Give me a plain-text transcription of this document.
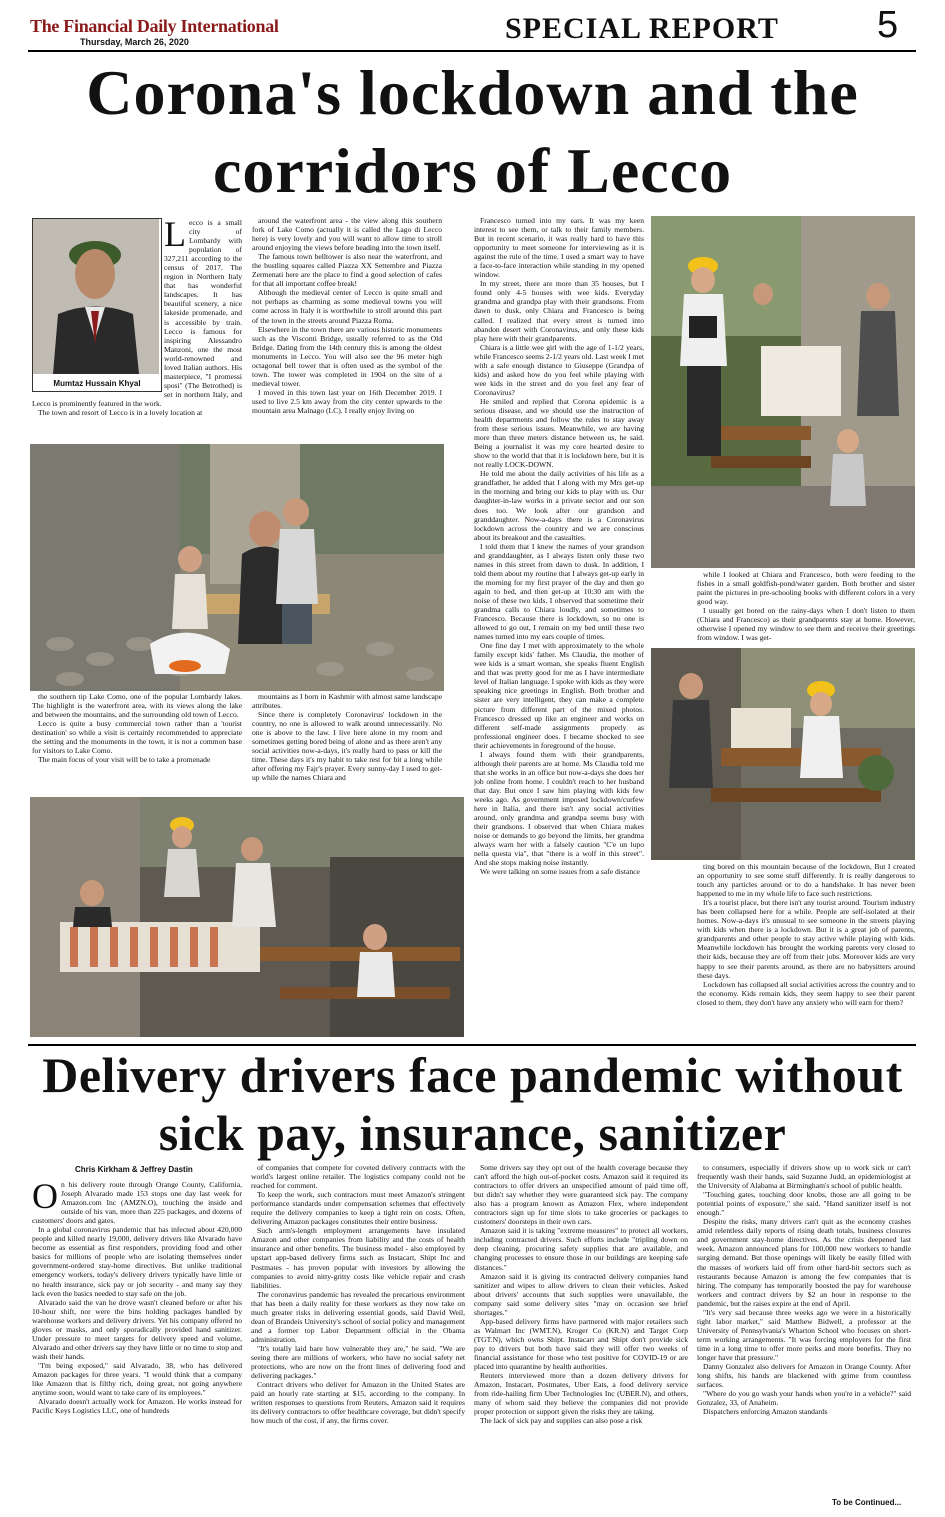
The Financial Daily International
Thursday, March 26, 2020	SPECIAL REPORT	5
Corona's lockdown and the
corridors of Lecco
Mumtaz Hussain Khyal
L ecco is a small city of Lombardy with population of 327,211 according to the census of 2017. The region in Northern Italy that has wonderful landscapes. It has beautiful scenery, a nice lakeside promenade, and is accessible by train. Lecco is famous for inspiring Alessandro Manzoni, one the most world-renowned and loved Italian authors. His masterpiece, "I promessi sposi" (The Betrothed) is set in northern Italy, and Lecco is prominently featured in the work.

The town and resort of Lecco is in a lovely location at

around the waterfront area - the view along this southern fork of Lake Como (actually it is called the Lago di Lecco here) is very lovely and you will want to allow time to stroll around enjoying the views before heading into the town itself.

The famous town belltower is also near the waterfront, and the bustling squares called Piazza XX Settembre and Piazza Zermenati here are the place to find a good selection of cafes for that all important coffee break!

Although the medieval center of Lecco is quite small and not perhaps as charming as some medieval towns you will come across in Italy it is worthwhile to stroll around this part of the town in the streets around Piazza Roma.

Elsewhere in the town there are various historic monuments such as the Visconti Bridge, usually referred to as the Old Bridge. Dating from the 14th century this is among the oldest monuments in Lecco. You will also see the 96 meter high octagonal bell tower that is often used as the symbol of the town. The tower was completed in 1904 on the site of a medieval tower.

I moved in this town last year on 16th December 2019. I used to live 2.5 km away from the city center upwards to the mountain area Malnago (LC). I really enjoy living on

the southern tip Lake Como, one of the popular Lombardy lakes. The highlight is the waterfront area, with its views along the lake and between the mountains, and the surrounding old town of Lecco.

Lecco is quite a busy commercial town rather than a 'tourist destination' so while a visit is certainly recommended to appreciate the setting and the monuments in the town, it is not a common base for visitors to Lake Como.

The main focus of your visit will be to take a promenade

mountains as I born in Kashmir with almost same landscape attributes.

Since there is completely Coronavirus' lockdown in the country, no one is allowed to walk around unnecessarily. No one is above to the law. I live here alone in my room and sometimes getting bored being of alone and as there aren't any social activities now-a-days, it's really hard to pass or kill the time. These days it's my habit to take rest for bit a long while after offering my Fajr's prayer. Every sunny-day I used to get-up while the names Chiara and

Francesco turned into my ears. It was my keen interest to see them, or talk to their family members. But in recent scenario, it was really hard to have this opportunity to meet someone for interviewing as it is against the rule of the time. I used a smart way to have a face-to-face interaction while standing in my opened window.

In my street, there are more than 35 houses, but I found only 4-5 houses with wee kids. Everyday grandma and grandpa play with their grandsons. From dawn to dusk, only Chiara and Francesco is being called. I realized that every street is turned into abandon desert with Coronavirus, and only these kids play here with their grandparents.

Chiara is a little wee girl with the age of 1-1/2 years, while Francesco seems 2-1/2 years old. Last week I met with a safe enough distance to Giuseppe (Grandpa of kids) and asked how do you feel while playing with wee kids in the street and do you feel any fear of Coronavirus?

He smiled and replied that Corona epidemic is a serious disease, and we should use the instruction of health departments and follow the rules to stay away from these serious issues. Meanwhile, we are having more than three meters distance between us, he said. Being a journalist it was my core hearted desire to show to the world that that it is lockdown here, but it is not really LOCK-DOWN.

He told me about the daily activities of his life as a grandfather, he added that I along with my Mrs get-up in the morning and bring our kids to play with us. Our daughter-in-law works in a private sector and our son does too. We look after our grandson and granddaughter. Now-a-days there is a Coronavirus lockdown across the country and we are conscious about its breakout and the casualties.

I told them that I knew the names of your grandson and granddaughter, as I always listen only these two names in this street from dawn to dusk. In addition, I told them about my routine that I always get-up early in the morning for my first prayer of the day and then go again to bed, and then get-up at 10:30 am with the noise of these two kids. I observed that sometime their grandma calls to Chiara loudly, and sometimes to Francesco. Because there is lockdown, so no one is allowed to go out, I remain on my bed until these two names turned into my ears couple of times.

One fine day I met with approximately to the whole family except kids' father. Ms Claudia, the mother of wee kids is a smart woman, she speaks fluent English and that was pretty good for me as I have intermediate level of Italian language. I spoke with kids as they were speaking nice greetings in English. Both brother and sister are very intelligent, they can make a complete picture from different part of the mixed photos. Francesco dressed up like an engineer and works on different self-made assignments properly as professional engineer does. I became shocked to see their achievements in foreground of the house.

I always found them with their grandparents, although their parents are at home. Ms Claudia told me that she works in an office but now-a-days she does her job online from home. I couldn't reach to her husband that day. But once I saw him playing with kids few weeks ago. As government imposed lockdown/curfew here in Italia, and there isn't any social activities around, only grandma and grandpa seems busy with their grandsons. I observed that when Chiara makes noise or demands to go beyond the limits, her grandma always warn her with a falsely caution "C'e un lupo nella questa via", that "there is a wolf in this street". And she stops making noise instantly.

We were talking on some issues from a safe distance

while I looked at Chiara and Francesco, both were feeding to the fishes in a small goldfish-pond/water garden. Both brother and sister paint the pictures in pre-schooling books with different colors in a very good way.

I usually get bored on the rainy-days when I don't listen to them (Chiara and Francesco) as their grandparents stay at home. However, otherwise I opened my window to see them and receive their greetings from window. I was get-

ting bored on this mountain because of the lockdown, But I created an opportunity to see some stuff differently. It is really dangerous to touch any particles around or to do a handshake. It has never been happened to me in my whole life to face such restrictions.

It's a tourist place, but there isn't any tourist around. Tourism industry has been collapsed here for a while. People are self-isolated at their homes. Now-a-days it's unusual to see someone in the streets playing with kids when there is a lockdown. But it is a great job of parents, grandparents and other people to stay active while playing with kids. Meanwhile lockdown has brought the working parents very closed to their kids, because they are off from their jobs. Moreover kids are very happy to see their parents around, as there are no babysitters around these days.

Lockdown has collapsed all social activities across the country and to the economy. Kids remain kids, they seem happy to see their parent closed to them, they don't have any anxiety who will earn for them?

Delivery drivers face pandemic without
sick pay, insurance, sanitizer
Chris Kirkham & Jeffrey Dastin
O n his delivery route through Orange County, California, Joseph Alvarado made 153 stops one day last week for Amazon.com Inc (AMZN.O), touching the inside and outside of his van, more than 225 packages, and dozens of customers' doors and gates.

In a global coronavirus pandemic that has infected about 420,000 people and killed nearly 19,000, delivery drivers like Alvarado have become as essential as first responders, providing food and other basics for millions of people who are isolating themselves under government-ordered stay-home directives. But unlike traditional emergency workers, today's delivery drivers typically have little or no health insurance, sick pay or job security - and many say they lack even the basics needed to stay safe on the job.

Alvarado said the van he drove wasn't cleaned before or after his 10-hour shift, nor were the bins holding packages handled by warehouse workers and delivery drivers. Yet his company offered no gloves or masks, and only sporadically provided hand sanitizer. Under pressure to meet targets for delivery speed and volume, Alvarado and other drivers say they have little or no time to stop and wash their hands.

"I'm being exposed," said Alvarado, 38, who has delivered Amazon packages for three years. "I would think that a company like Amazon that is filthy rich, doing great, not going anywhere anytime soon, would want to take care of its employees."

Alvarado doesn't actually work for Amazon. He works instead for Pacific Keys Logistics LLC, one of hundreds

of companies that compete for coveted delivery contracts with the world's largest online retailer. The logistics company could not be reached for comment.

To keep the work, such contractors must meet Amazon's stringent performance standards under compensation schemes that effectively require the delivery companies to keep a tight rein on costs. Often, delivering Amazon packages constitutes their entire business.

Such arm's-length employment arrangements have insulated Amazon and other companies from liability and the costs of health insurance and other benefits. The business model - also employed by upstart app-based delivery firms such as Instacart, Shipt Inc and Postmates - has proven popular with investors by allowing the companies to avoid nitty-gritty costs like vehicle repair and crash liabilities.

The coronavirus pandemic has revealed the precarious environment that has been a daily reality for these workers as they now take on much greater risks in delivering essential goods, said David Weil, dean of Brandeis University's school of social policy and management and a former top Labor Department official in the Obama administration.

"It's totally laid bare how vulnerable they are," he said. "We are seeing there are millions of workers, who have no social safety net protections, who are now on the front lines of delivering food and delivering packages."

Contract drivers who deliver for Amazon in the United States are paid an hourly rate starting at $15, according to the company. In written responses to questions from Reuters, Amazon said it requires its delivery contractors to offer healthcare coverage, but didn't specify how much of the cost, if any, the firms cover.

Some drivers say they opt out of the health coverage because they can't afford the high out-of-pocket costs. Amazon said it required its contractors to offer drivers an unspecified amount of paid time off, but didn't say whether they were guaranteed sick pay. The company also has a program known as Amazon Flex, where independent contractors sign up for time slots to take groceries or packages to customers' doorsteps in their own cars.

Amazon said it is taking "extreme measures" to protect all workers, including contracted drivers. Such efforts include "tripling down on deep cleaning, procuring safety supplies that are available, and changing processes to ensure those in our buildings are keeping safe distances."

Amazon said it is giving its contracted delivery companies hand sanitizer and wipes to allow drivers to clean their vehicles. Asked about drivers' accounts that such supplies were unavailable, the company said some delivery sites "may on occasion see brief shortages."

App-based delivery firms have partnered with major retailers such as Walmart Inc (WMT.N), Kroger Co (KR.N) and Target Corp (TGT.N), which owns Shipt. Instacart and Shipt don't provide sick pay to drivers but both have said they will offer two weeks of financial assistance for those who test positive for COVID-19 or are placed into quarantine by health authorities.

Reuters interviewed more than a dozen delivery drivers for Amazon, Instacart, Postmates, Uber Eats, a food delivery service from ride-hailing firm Uber Technologies Inc (UBER.N), and others, many of whom said they believe the companies did not provide proper protection or support given the risks they are taking.

The lack of sick pay and supplies can also pose a risk

to consumers, especially if drivers show up to work sick or can't frequently wash their hands, said Suzanne Judd, an epidemiologist at the University of Alabama at Birmingham's school of public health.

"Touching gates, touching door knobs, those are all going to be potential points of exposure," she said. "Hand sanitizer itself is not enough."

Despite the risks, many drivers can't quit as the economy crashes amid relentless daily reports of rising death totals, business closures and government stay-home directives. As the crisis deepened last week, Amazon announced plans for 100,000 new workers to handle surging demand. But those openings will likely be easily filled with the masses of workers laid off from other hard-hit sectors such as restaurants because Amazon is among the few companies that is hiring. The company has temporarily boosted the pay for warehouse workers and contract drivers by $2 an hour in response to the pandemic, but the raises expire at the end of April.

"It's very sad because three weeks ago we were in a historically tight labor market," said Matthew Bidwell, a professor at the University of Pennsylvania's Wharton School who focuses on short-term working arrangements. "It was forcing employers for the first time in a long time to offer more perks and more benefits. They no longer have that pressure."

Danny Gonzalez also delivers for Amazon in Orange County. After long shifts, his hands are blackened with grime from countless surfaces.

"Where do you go wash your hands when you're in a vehicle?" said Gonzalez, 33, of Anaheim.

Dispatchers enforcing Amazon standards

To be Continued...
